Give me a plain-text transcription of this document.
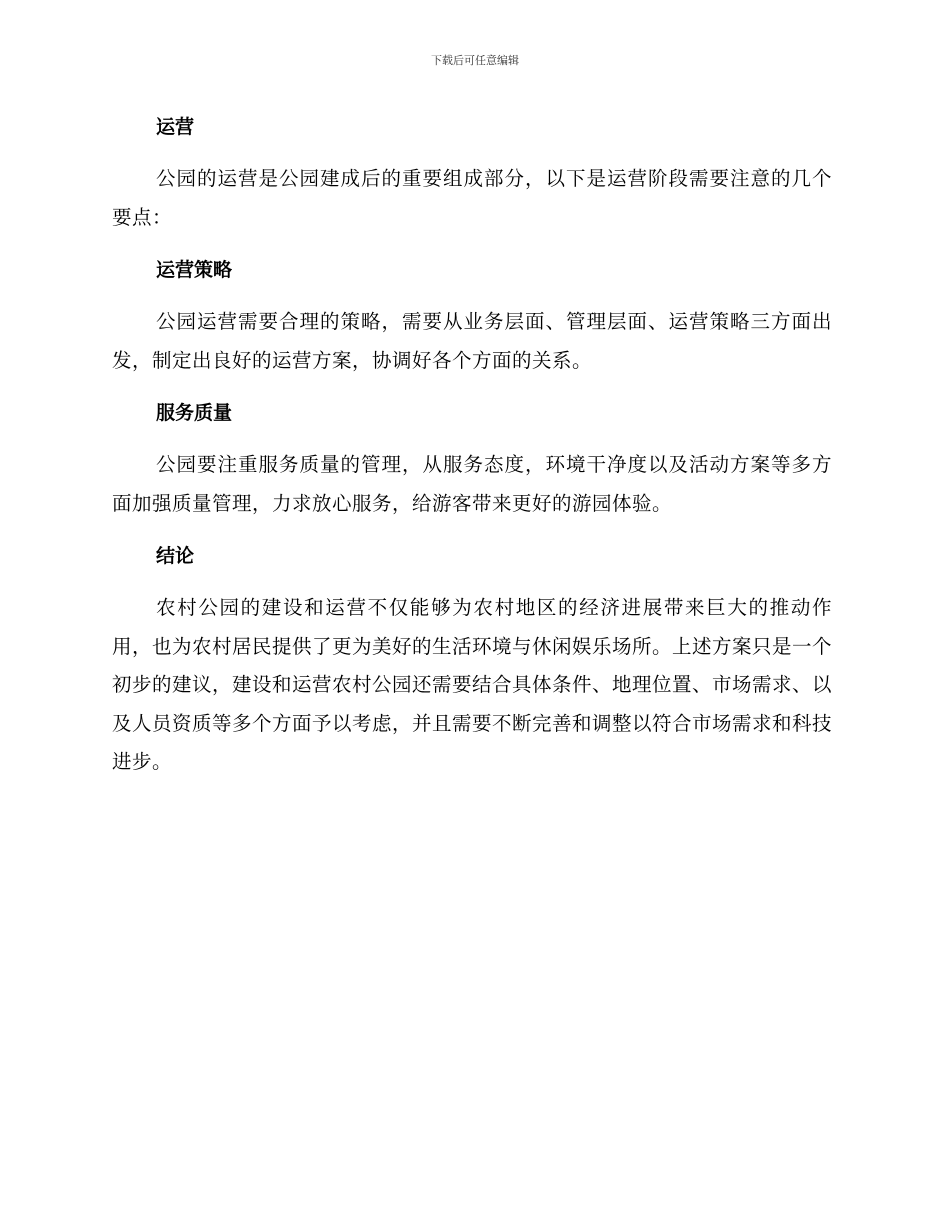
下载后可任意编辑
运营

公园的运营是公园建成后的重要组成部分，以下是运营阶段需要注意的几个要点：

运营策略

公园运营需要合理的策略，需要从业务层面、管理层面、运营策略三方面出发，制定出良好的运营方案，协调好各个方面的关系。

服务质量

公园要注重服务质量的管理，从服务态度，环境干净度以及活动方案等多方面加强质量管理，力求放心服务，给游客带来更好的游园体验。

结论

农村公园的建设和运营不仅能够为农村地区的经济进展带来巨大的推动作用，也为农村居民提供了更为美好的生活环境与休闲娱乐场所。上述方案只是一个初步的建议，建设和运营农村公园还需要结合具体条件、地理位置、市场需求、以及人员资质等多个方面予以考虑，并且需要不断完善和调整以符合市场需求和科技进步。
